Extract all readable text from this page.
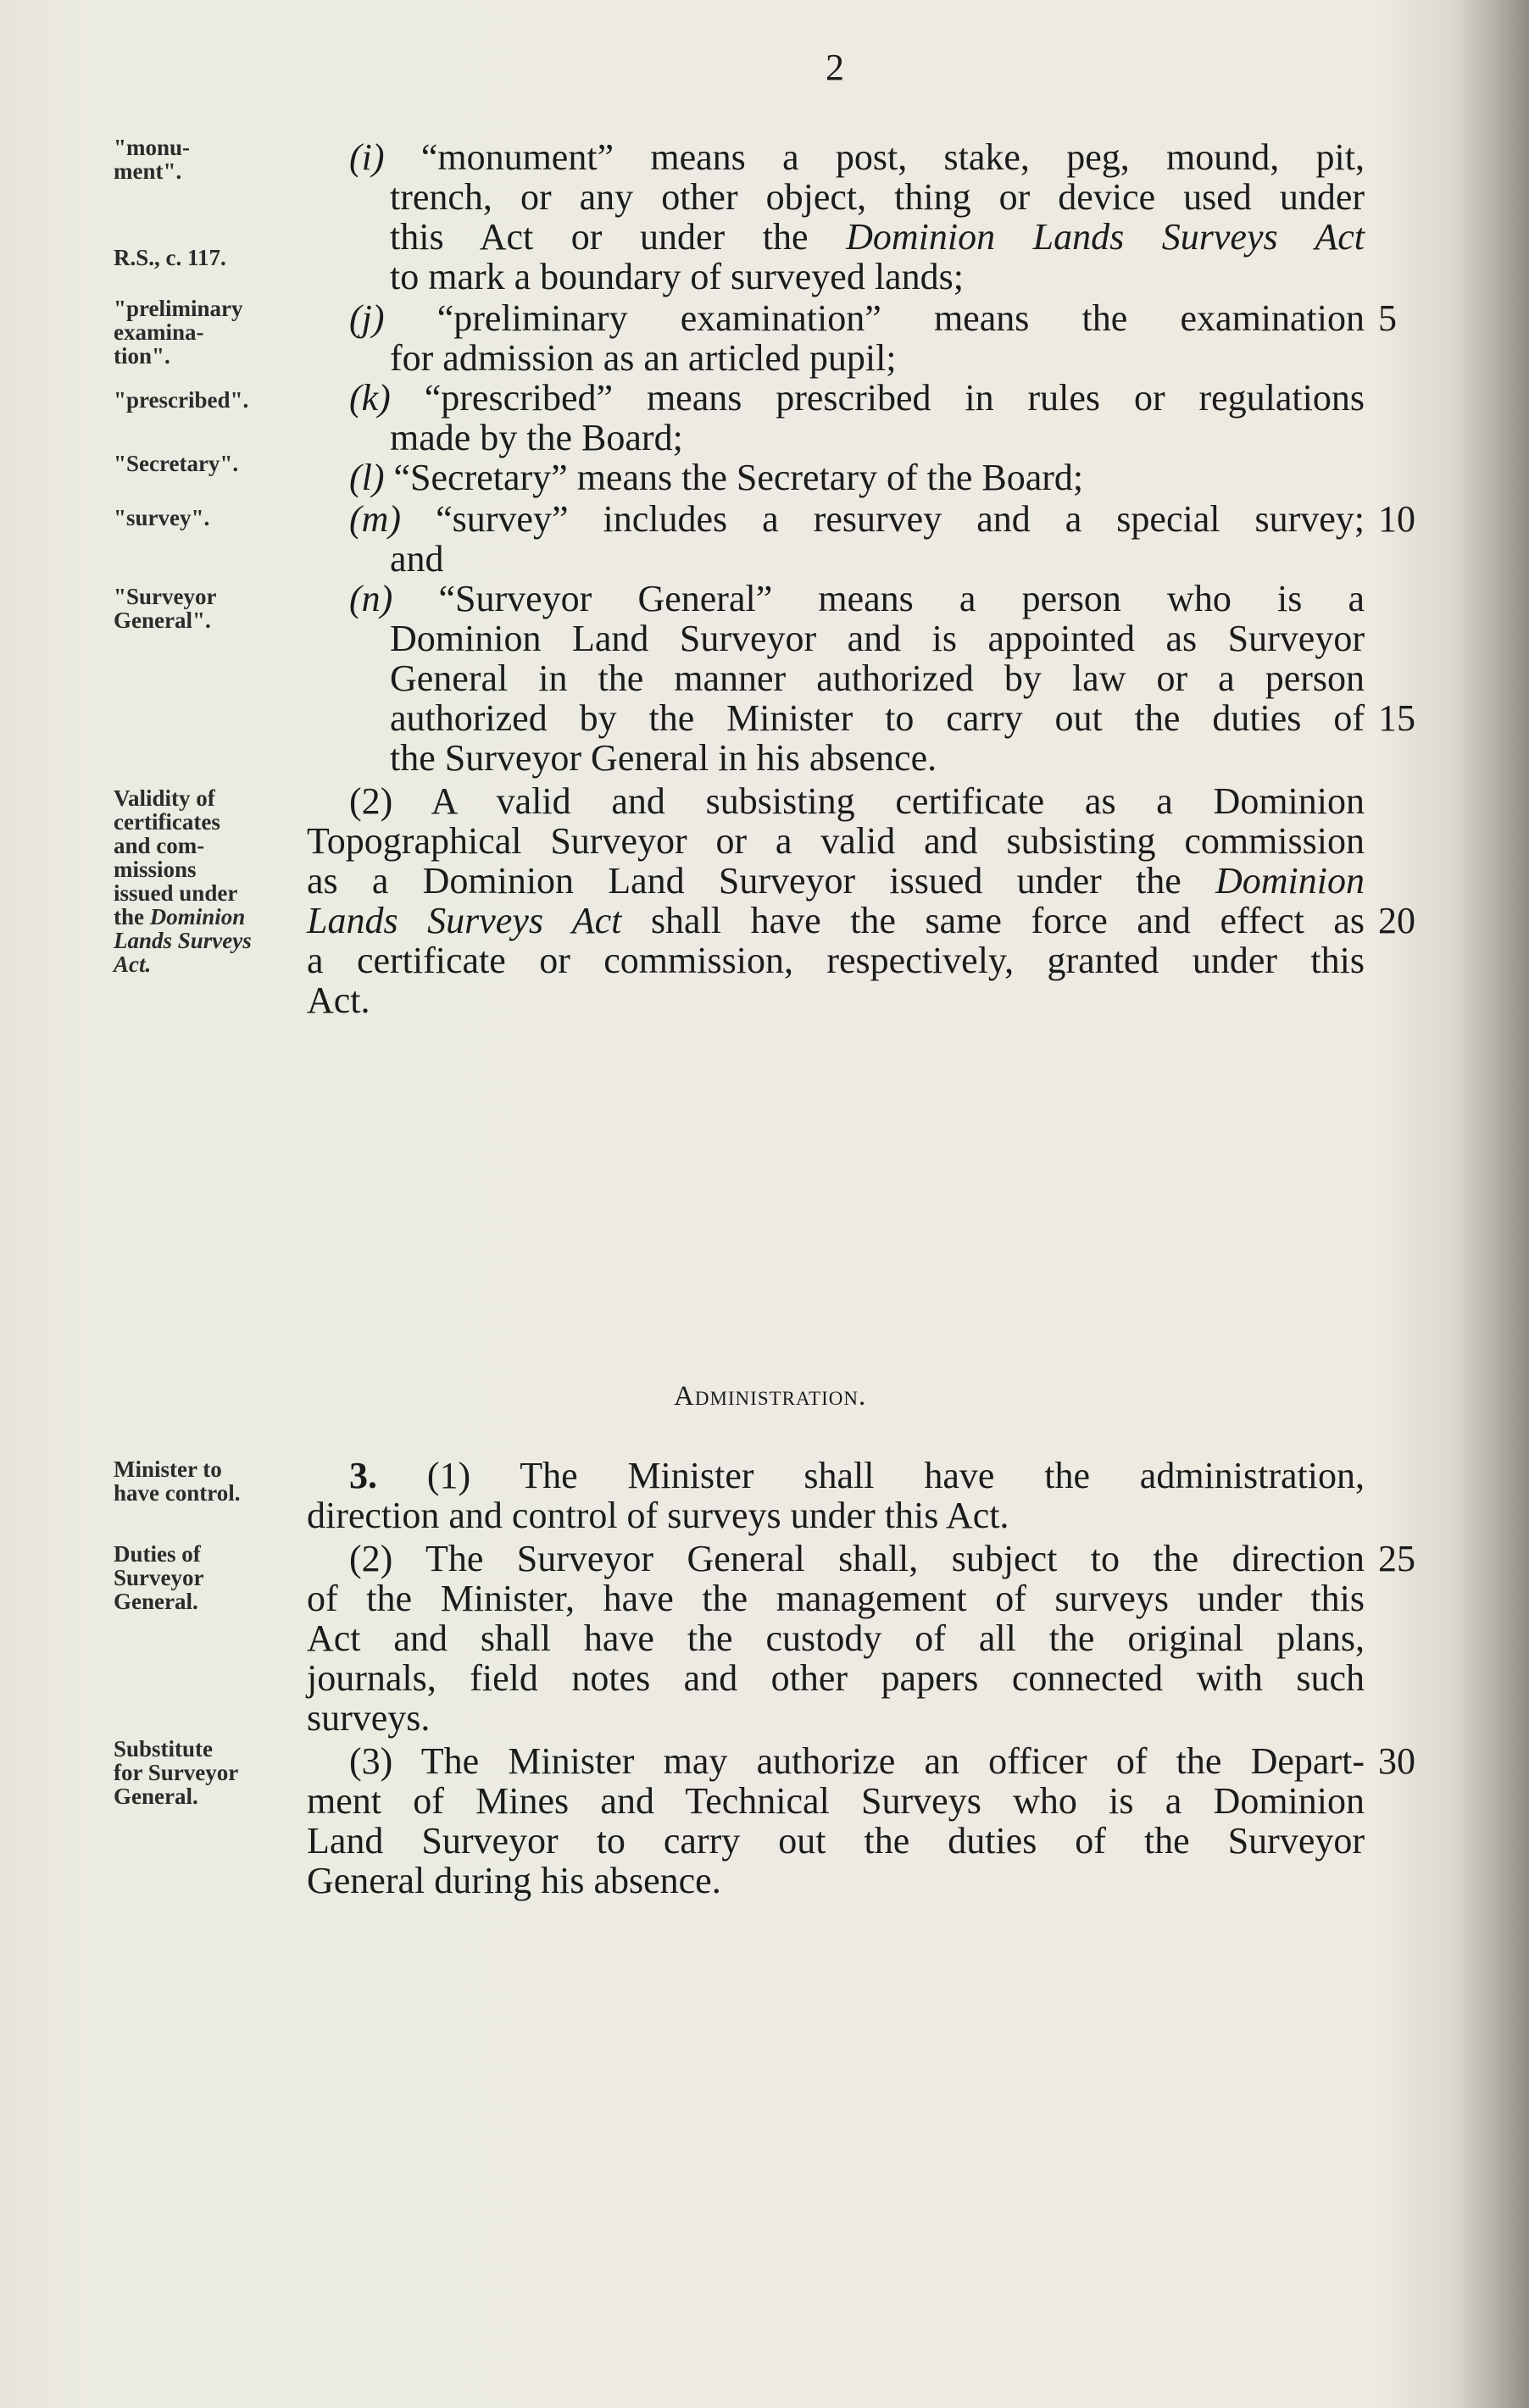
2
"monu-
ment".
R.S., c. 117.
"preliminary
examina-
tion".
"prescribed".
"Secretary".
"survey".
"Surveyor
General".
Validity of
certificates
and com-
missions
issued under
the Dominion
Lands Surveys
Act.
Minister to
have control.
Duties of
Surveyor
General.
Substitute
for Surveyor
General.
(i) “monument” means a post, stake, peg, mound, pit,
trench, or any other object, thing or device used under
this Act or under the Dominion Lands Surveys Act
to mark a boundary of surveyed lands;
(j) “preliminary examination” means the examination 5
for admission as an articled pupil;
(k) “prescribed” means prescribed in rules or regulations
made by the Board;
(l) “Secretary” means the Secretary of the Board;
(m) “survey” includes a resurvey and a special survey; 10
and
(n) “Surveyor General” means a person who is a
Dominion Land Surveyor and is appointed as Surveyor
General in the manner authorized by law or a person
authorized by the Minister to carry out the duties of 15
the Surveyor General in his absence.
(2) A valid and subsisting certificate as a Dominion
Topographical Surveyor or a valid and subsisting commission
as a Dominion Land Surveyor issued under the Dominion
Lands Surveys Act shall have the same force and effect as 20
a certificate or commission, respectively, granted under this
Act.
Administration.
3. (1) The Minister shall have the administration,
direction and control of surveys under this Act.
(2) The Surveyor General shall, subject to the direction 25
of the Minister, have the management of surveys under this
Act and shall have the custody of all the original plans,
journals, field notes and other papers connected with such
surveys.
(3) The Minister may authorize an officer of the Depart- 30
ment of Mines and Technical Surveys who is a Dominion
Land Surveyor to carry out the duties of the Surveyor
General during his absence.
